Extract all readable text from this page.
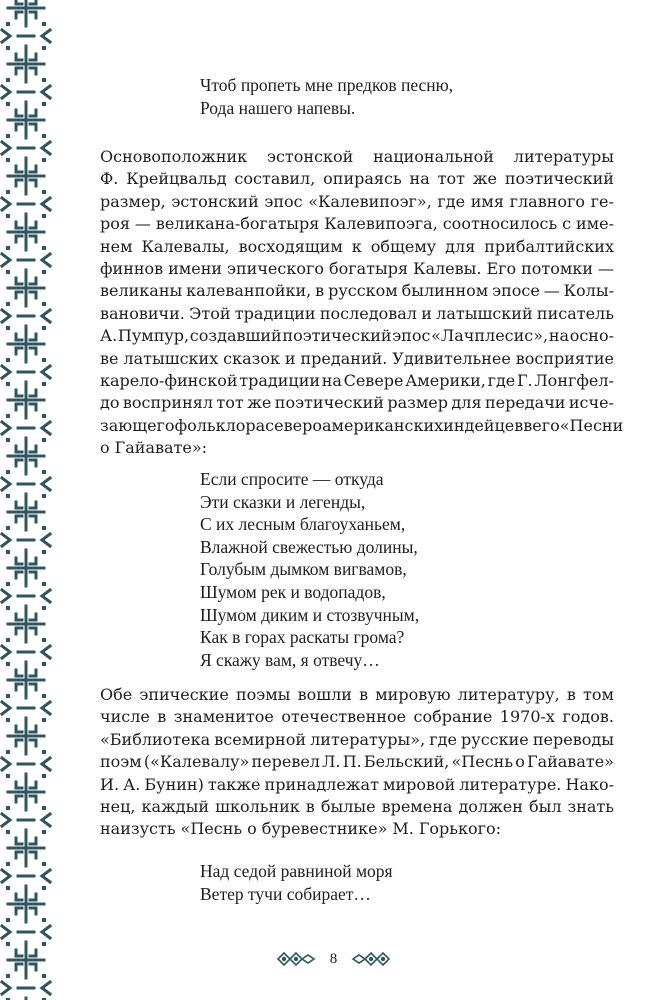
Чтоб пропеть мне предков песню,
Рода нашего напевы.
Основоположник эстонской национальной литературы
Ф. Крейцвальд составил, опираясь на тот же поэтический
размер, эстонский эпос «Калевипоэг», где имя главного ге-
роя — великана-богатыря Калевипоэга, соотносилось с име-
нем Калевалы, восходящим к общему для прибалтийских
финнов имени эпического богатыря Калевы. Его потомки —
великаны калеванпойки, в русском былинном эпосе — Колы-
вановичи. Этой традиции последовал и латышский писатель
А. Пумпур, создавший поэтический эпос «Лачплесис», на осно-
ве латышских сказок и преданий. Удивительнее восприятие
карело-финской традиции на Севере Америки, где Г. Лонгфел-
до воспринял тот же поэтический размер для передачи исче-
зающего фольклора североамериканских индейцев в его «Песни
о Гайавате»:
Если спросите — откуда
Эти сказки и легенды,
С их лесным благоуханьем,
Влажной свежестью долины,
Голубым дымком вигвамов,
Шумом рек и водопадов,
Шумом диким и стозвучным,
Как в горах раскаты грома?
Я скажу вам, я отвечу…
Обе эпические поэмы вошли в мировую литературу, в том
числе в знаменитое отечественное собрание 1970-х годов.
«Библиотека всемирной литературы», где русские переводы
поэм («Калевалу» перевел Л. П. Бельский, «Песнь о Гайавате»
И. А. Бунин) также принадлежат мировой литературе. Нако-
нец, каждый школьник в былые времена должен был знать
наизусть «Песнь о буревестнике» М. Горького:
Над седой равниной моря
Ветер тучи собирает…
8
